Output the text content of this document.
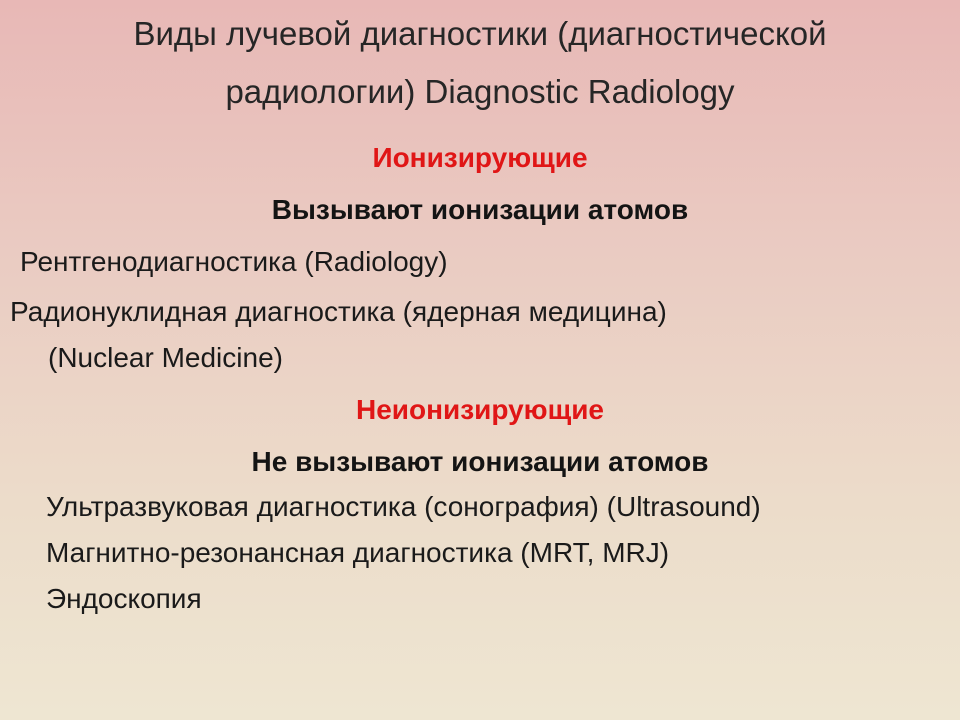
Виды лучевой диагностики (диагностической
радиологии) Diagnostic Radiology
Ионизирующие
Вызывают ионизации атомов
Рентгенодиагностика (Radiology)
Радионуклидная диагностика (ядерная медицина)
(Nuclear Medicine)
Неионизирующие
Не вызывают ионизации атомов
Ультразвуковая диагностика (сонография) (Ultrasound)
Магнитно-резонансная диагностика (MRT, MRJ)
Эндоскопия
